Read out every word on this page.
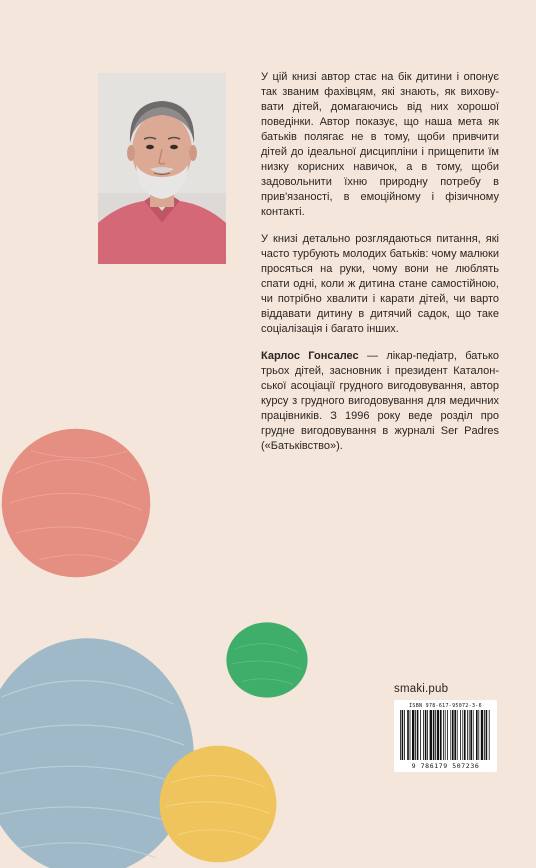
У цій книзі автор стає на бік дитини і опонує так званим фахівцям, які знають, як вихову-вати дітей, домагаючись від них хорошої поведінки. Автор показує, що наша мета як батьків полягає не в тому, щоби привчити дітей до ідеальної дисципліни і прищепити їм низку корисних навичок, а в тому, щоби задовольнити їхню природну потребу в прив'язаності, в емоційному і фізичному контакті.

У книзі детально розглядаються питання, які часто турбують молодих батьків: чому малюки просяться на руки, чому вони не люблять спати одні, коли ж дитина стане самостійною, чи потрібно хвалити і карати дітей, чи варто віддавати дитину в дитячий садок, що таке соціалізація і багато інших.

Карлос Гонсалес — лікар-педіатр, батько трьох дітей, засновник і президент Каталон-ської асоціації грудного вигодовування, автор курсу з грудного вигодовування для медичних працівників. З 1996 року веде розділ про грудне вигодовування в журналі Ser Padres («Батьківство»).

smaki.pub
ISBN 978-617-95072-3-6
9 786179 507236
